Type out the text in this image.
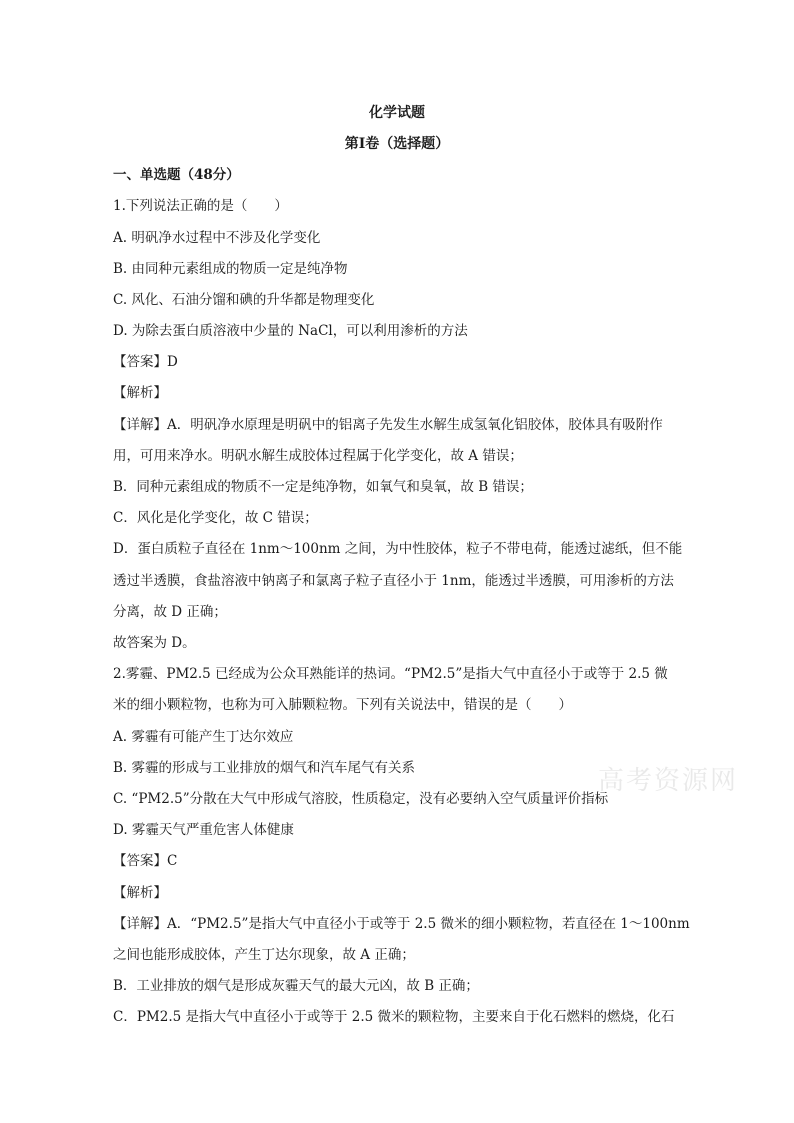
化学试题
第I卷（选择题）
一、单选题（48分）
1.下列说法正确的是（　　）
A. 明矾净水过程中不涉及化学变化
B. 由同种元素组成的物质一定是纯净物
C. 风化、石油分馏和碘的升华都是物理变化
D. 为除去蛋白质溶液中少量的 NaCl，可以利用渗析的方法
【答案】D
【解析】
【详解】A．明矾净水原理是明矾中的铝离子先发生水解生成氢氧化铝胶体，胶体具有吸附作
用，可用来净水。明矾水解生成胶体过程属于化学变化，故 A 错误；
B．同种元素组成的物质不一定是纯净物，如氧气和臭氧，故 B 错误；
C．风化是化学变化，故 C 错误；
D．蛋白质粒子直径在 1nm～100nm 之间，为中性胶体，粒子不带电荷，能透过滤纸，但不能
透过半透膜，食盐溶液中钠离子和氯离子粒子直径小于 1nm，能透过半透膜，可用渗析的方法
分离，故 D 正确；
故答案为 D。
2.雾霾、PM2.5 已经成为公众耳熟能详的热词。“PM2.5”是指大气中直径小于或等于 2.5 微
米的细小颗粒物，也称为可入肺颗粒物。下列有关说法中，错误的是（　　）
A. 雾霾有可能产生丁达尔效应
B. 雾霾的形成与工业排放的烟气和汽车尾气有关系
C. “PM2.5”分散在大气中形成气溶胶，性质稳定，没有必要纳入空气质量评价指标
D. 雾霾天气严重危害人体健康
【答案】C
【解析】
【详解】A．“PM2.5”是指大气中直径小于或等于 2.5 微米的细小颗粒物，若直径在 1～100nm
之间也能形成胶体，产生丁达尔现象，故 A 正确；
B．工业排放的烟气是形成灰霾天气的最大元凶，故 B 正确；
C．PM2.5 是指大气中直径小于或等于 2.5 微米的颗粒物，主要来自于化石燃料的燃烧，化石
高考资源网
